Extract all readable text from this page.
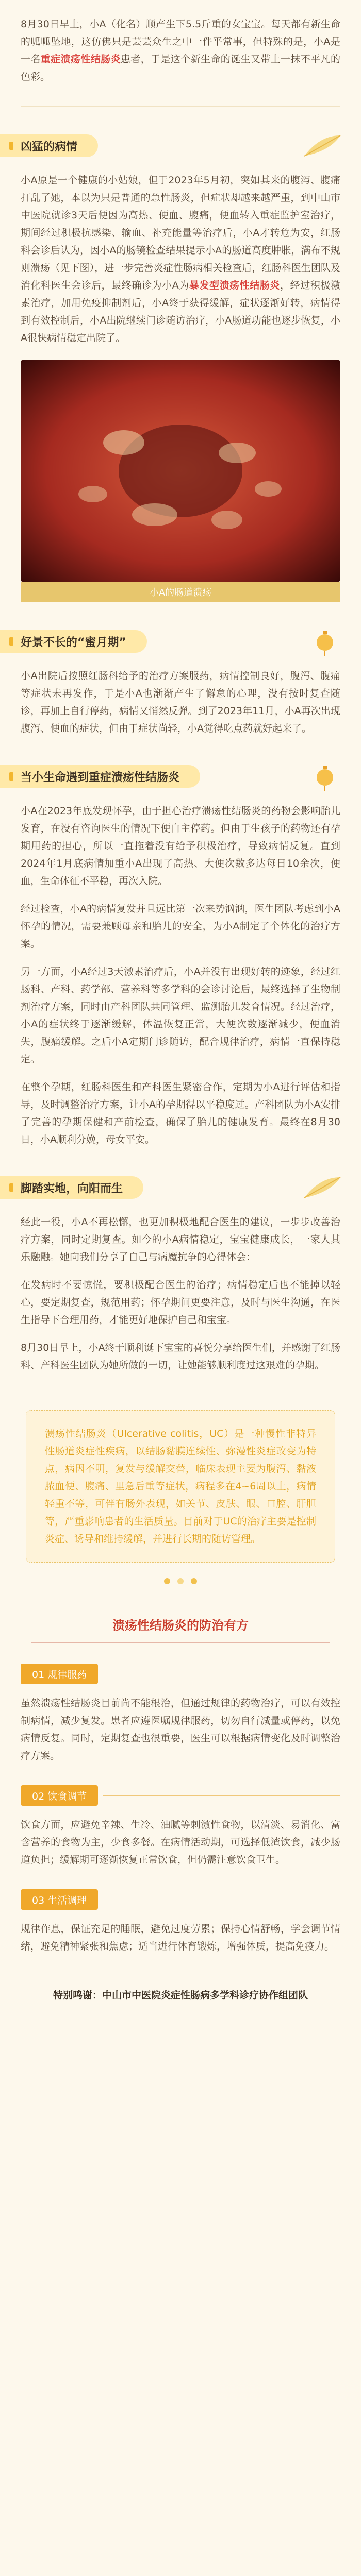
8月30日早上，小A（化名）顺产生下5.5斤重的女宝宝。每天都有新生命的呱呱坠地，这仿佛只是芸芸众生之中一件平常事，但特殊的是，小A是一名重症溃疡性结肠炎患者，于是这个新生命的诞生又带上一抹不平凡的色彩。
凶猛的病情
小A原是一个健康的小姑娘，但于2023年5月初，突如其来的腹泻、腹痛打乱了她，本以为只是普通的急性肠炎，但症状却越来越严重，到中山市中医院就诊3天后便因为高热、便血、腹痛，便血转入重症监护室治疗，期间经过积极抗感染、输血、补充能量等治疗后，小A才转危为安，红肠科会诊后认为，因小A的肠镜检查结果提示小A的肠道高度肿胀，满布不规则溃疡（见下图），进一步完善炎症性肠病相关检查后，红肠科医生团队及消化科医生会诊后，最终确诊为小A为暴发型溃疡性结肠炎，经过积极激素治疗，加用免疫抑制剂后，小A终于获得缓解，症状逐渐好转，病情得到有效控制后，小A出院继续门诊随访治疗，小A肠道功能也逐步恢复，小A很快病情稳定出院了。
小A的肠道溃疡
好景不长的“蜜月期”
小A出院后按照红肠科给予的治疗方案服药，病情控制良好，腹泻、腹痛等症状未再发作，于是小A也渐渐产生了懈怠的心理，没有按时复查随诊，再加上自行停药，病情又悄然反弹。到了2023年11月，小A再次出现腹泻、便血的症状，但由于症状尚轻，小A觉得吃点药就好起来了。
当小生命遇到重症溃疡性结肠炎
小A在2023年底发现怀孕，由于担心治疗溃疡性结肠炎的药物会影响胎儿发育，在没有咨询医生的情况下便自主停药。但由于生孩子的药物还有孕期用药的担心，所以一直拖着没有给予积极治疗，导致病情反复。直到2024年1月底病情加重小A出现了高热、大便次数多达每日10余次，便血，生命体征不平稳，再次入院。
经过检查，小A的病情复发并且远比第一次来势汹汹，医生团队考虑到小A怀孕的情况，需要兼顾母亲和胎儿的安全，为小A制定了个体化的治疗方案。
另一方面，小A经过3天激素治疗后，小A并没有出现好转的迹象，经过红肠科、产科、药学部、营养科等多学科的会诊讨论后，最终选择了生物制剂治疗方案，同时由产科团队共同管理、监测胎儿发育情况。经过治疗，小A的症状终于逐渐缓解，体温恢复正常，大便次数逐渐减少，便血消失，腹痛缓解。之后小A定期门诊随访，配合规律治疗，病情一直保持稳定。
在整个孕期，红肠科医生和产科医生紧密合作，定期为小A进行评估和指导，及时调整治疗方案，让小A的孕期得以平稳度过。产科团队为小A安排了完善的孕期保健和产前检查，确保了胎儿的健康发育。最终在8月30日，小A顺利分娩，母女平安。
脚踏实地，向阳而生
经此一役，小A不再松懈，也更加积极地配合医生的建议，一步步改善治疗方案，同时定期复查。如今的小A病情稳定，宝宝健康成长，一家人其乐融融。她向我们分享了自己与病魔抗争的心得体会：
在发病时不要惊慌，要积极配合医生的治疗；病情稳定后也不能掉以轻心，要定期复查，规范用药；怀孕期间更要注意，及时与医生沟通，在医生指导下合理用药，才能更好地保护自己和宝宝。
8月30日早上，小A终于顺利诞下宝宝的喜悦分享给医生们，并感谢了红肠科、产科医生团队为她所做的一切，让她能够顺利度过这艰难的孕期。
溃疡性结肠炎（Ulcerative colitis，UC）是一种慢性非特异性肠道炎症性疾病，以结肠黏膜连续性、弥漫性炎症改变为特点，病因不明，复发与缓解交替，临床表现主要为腹泻、黏液脓血便、腹痛、里急后重等症状，病程多在4~6周以上，病情轻重不等，可伴有肠外表现，如关节、皮肤、眼、口腔、肝胆等，严重影响患者的生活质量。目前对于UC的治疗主要是控制炎症、诱导和维持缓解，并进行长期的随访管理。
溃疡性结肠炎的防治有方
01 规律服药
虽然溃疡性结肠炎目前尚不能根治，但通过规律的药物治疗，可以有效控制病情，减少复发。患者应遵医嘱规律服药，切勿自行减量或停药，以免病情反复。同时，定期复查也很重要，医生可以根据病情变化及时调整治疗方案。
02 饮食调节
饮食方面，应避免辛辣、生冷、油腻等刺激性食物，以清淡、易消化、富含营养的食物为主，少食多餐。在病情活动期，可选择低渣饮食，减少肠道负担；缓解期可逐渐恢复正常饮食，但仍需注意饮食卫生。
03 生活调理
规律作息，保证充足的睡眠，避免过度劳累；保持心情舒畅，学会调节情绪，避免精神紧张和焦虑；适当进行体育锻炼，增强体质，提高免疫力。
特别鸣谢：中山市中医院炎症性肠病多学科诊疗协作组团队
